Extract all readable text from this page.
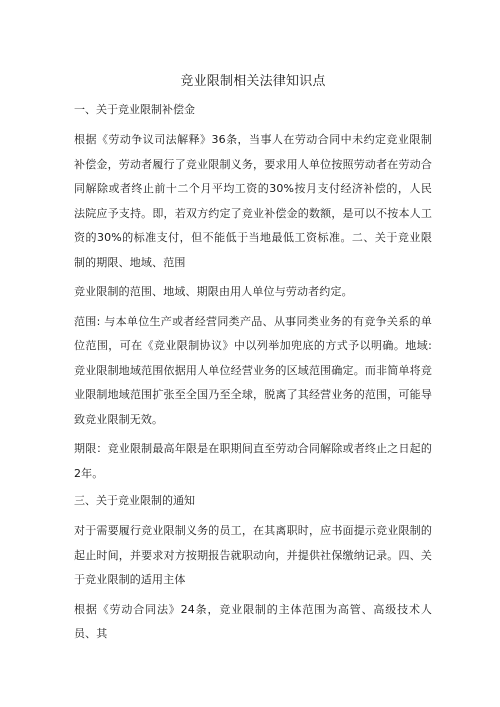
竞业限制相关法律知识点
一、关于竞业限制补偿金
根据《劳动争议司法解释》36条，当事人在劳动合同中未约定竞业限制补偿金，劳动者履行了竞业限制义务，要求用人单位按照劳动者在劳动合同解除或者终止前十二个月平均工资的30%按月支付经济补偿的，人民法院应予支持。即，若双方约定了竞业补偿金的数额，是可以不按本人工资的30%的标准支付，但不能低于当地最低工资标准。二、关于竞业限制的期限、地域、范围
竞业限制的范围、地域、期限由用人单位与劳动者约定。
范围: 与本单位生产或者经营同类产品、从事同类业务的有竞争关系的单位范围，可在《竞业限制协议》中以列举加兜底的方式予以明确。地域: 竞业限制地域范围依据用人单位经营业务的区域范围确定。而非简单将竞业限制地域范围扩张至全国乃至全球，脱离了其经营业务的范围，可能导致竞业限制无效。
期限：竞业限制最高年限是在职期间直至劳动合同解除或者终止之日起的2年。
三、关于竞业限制的通知
对于需要履行竞业限制义务的员工，在其离职时，应书面提示竞业限制的起止时间，并要求对方按期报告就职动向，并提供社保缴纳记录。四、关于竞业限制的适用主体
根据《劳动合同法》24条，竞业限制的主体范围为高管、高级技术人员、其
